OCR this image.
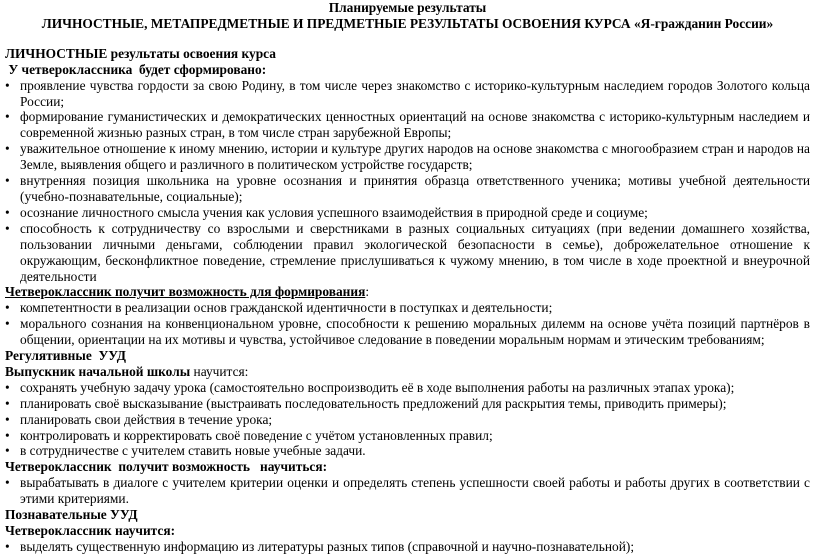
Планируемые результаты

ЛИЧНОСТНЫЕ, МЕТАПРЕДМЕТНЫЕ И ПРЕДМЕТНЫЕ РЕЗУЛЬТАТЫ ОСВОЕНИЯ КУРСА «Я-гражданин России»

ЛИЧНОСТНЫЕ результаты освоения курса

У четвероклассника  будет сформировано:

• проявление чувства гордости за свою Родину, в том числе через знакомство с историко-культурным наследием городов Золотого кольца России;
• формирование гуманистических и демократических ценностных ориентаций на основе знакомства с историко-культурным наследием и современной жизнью разных стран, в том числе стран зарубежной Европы;
• уважительное отношение к иному мнению, истории и культуре других народов на основе знакомства с многообразием стран и народов на Земле, выявления общего и различного в политическом устройстве государств;
• внутренняя позиция школьника на уровне осознания и принятия образца ответственного ученика; мотивы учебной деятельности (учебно-познавательные, социальные);
• осознание личностного смысла учения как условия успешного взаимодействия в природной среде и социуме;
• способность к сотрудничеству со взрослыми и сверстниками в разных социальных ситуациях (при ведении домашнего хозяйства, пользовании личными деньгами, соблюдении правил экологической безопасности в семье), доброжелательное отношение к окружающим, бесконфликтное поведение, стремление прислушиваться к чужому мнению, в том числе в ходе проектной и внеурочной деятельности

Четвероклассник получит возможность для формирования:

• компетентности в реализации основ гражданской идентичности в поступках и деятельности;
• морального сознания на конвенциональном уровне, способности к решению моральных дилемм на основе учёта позиций партнёров в общении, ориентации на их мотивы и чувства, устойчивое следование в поведении моральным нормам и этическим требованиям;

Регулятивные  УУД

Выпускник начальной школы научится:

• сохранять учебную задачу урока (самостоятельно воспроизводить её в ходе выполнения работы на различных этапах урока);
• планировать своё высказывание (выстраивать последовательность предложений для раскрытия темы, приводить примеры);
• планировать свои действия в течение урока;
• контролировать и корректировать своё поведение с учётом установленных правил;
• в сотрудничестве с учителем ставить новые учебные задачи.

Четвероклассник  получит возможность   научиться:

• вырабатывать в диалоге с учителем критерии оценки и определять степень успешности своей работы и работы других в соответствии с этими критериями.

Познавательные УУД

Четвероклассник научится:

• выделять существенную информацию из литературы разных типов (справочной и научно-познавательной);
